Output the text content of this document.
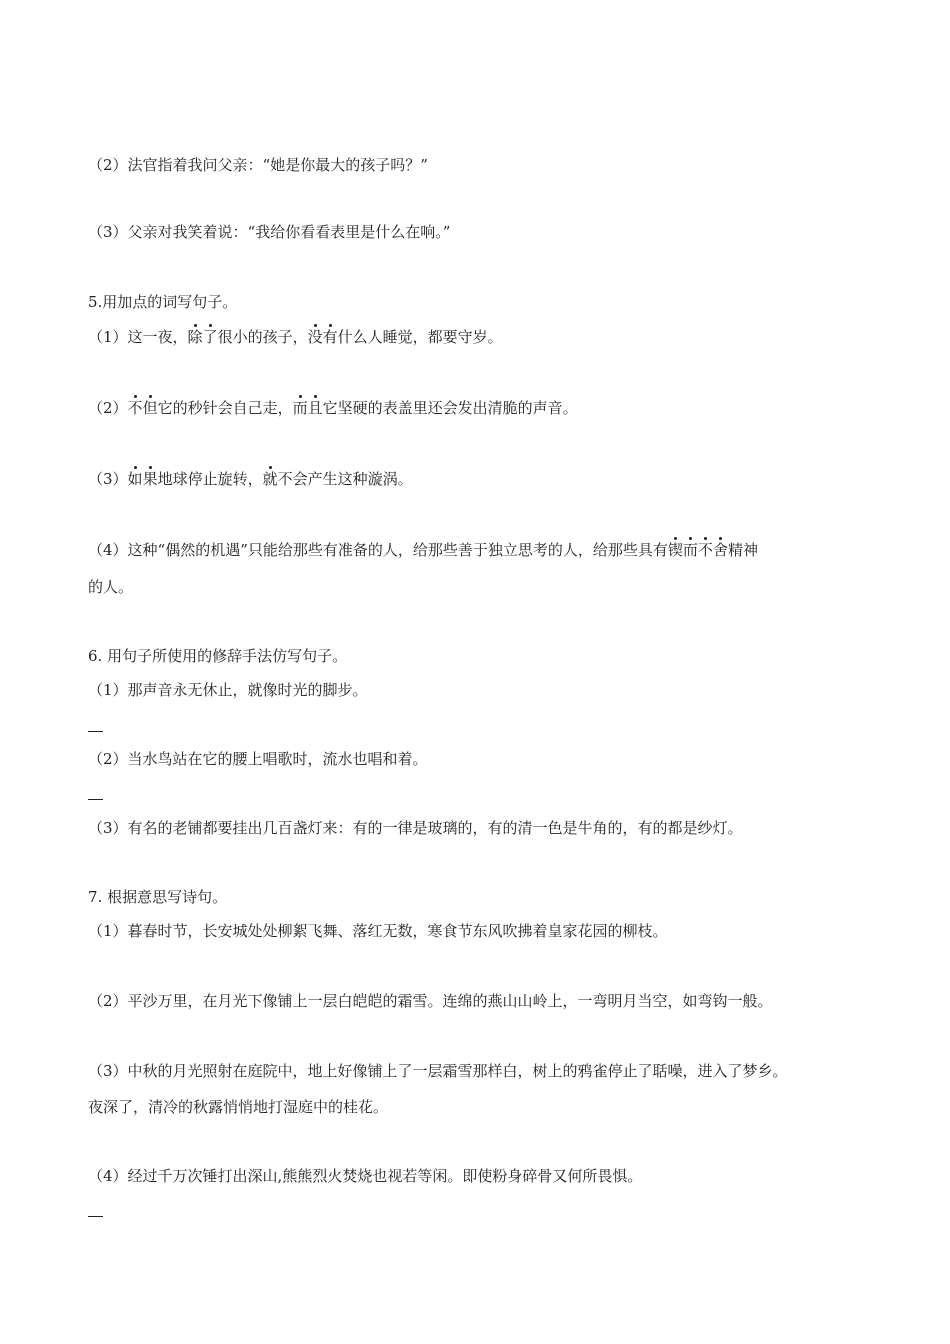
（2）法官指着我问父亲：“她是你最大的孩子吗？”
（3）父亲对我笑着说：“我给你看看表里是什么在响。”
5.用加点的词写句子。
（1）这一夜，除了很小的孩子，没有什么人睡觉，都要守岁。
（2）不但它的秒针会自己走，而且它坚硬的表盖里还会发出清脆的声音。
（3）如果地球停止旋转，就不会产生这种漩涡。
（4）这种“偶然的机遇”只能给那些有准备的人，给那些善于独立思考的人，给那些具有锲而不舍精神
的人。
6. 用句子所使用的修辞手法仿写句子。
（1）那声音永无休止，就像时光的脚步。
（2）当水鸟站在它的腰上唱歌时，流水也唱和着。
（3）有名的老铺都要挂出几百盏灯来：有的一律是玻璃的，有的清一色是牛角的，有的都是纱灯。
7. 根据意思写诗句。
（1）暮春时节，长安城处处柳絮飞舞、落红无数，寒食节东风吹拂着皇家花园的柳枝。
（2）平沙万里，在月光下像铺上一层白皑皑的霜雪。连绵的燕山山岭上，一弯明月当空，如弯钩一般。
（3）中秋的月光照射在庭院中，地上好像铺上了一层霜雪那样白，树上的鸦雀停止了聒噪，进入了梦乡。
夜深了，清冷的秋露悄悄地打湿庭中的桂花。
（4）经过千万次锤打出深山,熊熊烈火焚烧也视若等闲。即使粉身碎骨又何所畏惧。
